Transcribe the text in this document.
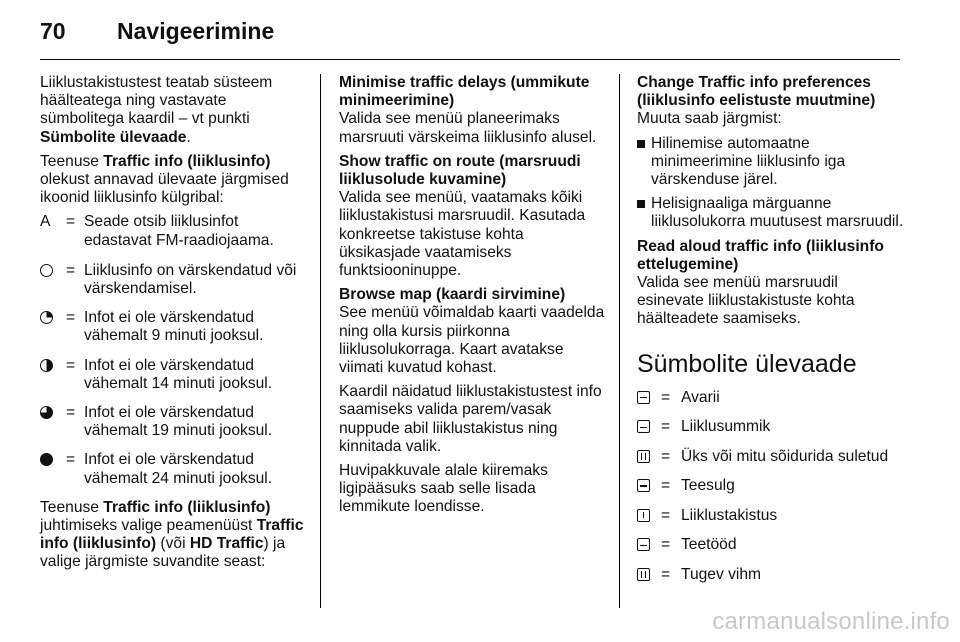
70	Navigeerimine

Liiklustakistustest teatab süsteem häälteatega ning vastavate sümbolitega kaardil – vt punkti Sümbolite ülevaade.

Teenuse Traffic info (liiklusinfo) olekust annavad ülevaate järgmised ikoonid liiklusinfo külgribal:

A = Seade otsib liiklusinfot edastavat FM-raadiojaama.
= Liiklusinfo on värskendatud või värskendamisel.
= Infot ei ole värskendatud vähemalt 9 minuti jooksul.
= Infot ei ole värskendatud vähemalt 14 minuti jooksul.
= Infot ei ole värskendatud vähemalt 19 minuti jooksul.
= Infot ei ole värskendatud vähemalt 24 minuti jooksul.

Teenuse Traffic info (liiklusinfo) juhtimiseks valige peamenüüst Traffic info (liiklusinfo) (või HD Traffic) ja valige järgmiste suvandite seast:

Minimise traffic delays (ummikute minimeerimine)
Valida see menüü planeerimaks marsruuti värskeima liiklusinfo alusel.

Show traffic on route (marsruudi liiklusolude kuvamine)
Valida see menüü, vaatamaks kõiki liiklustakistusi marsruudil. Kasutada konkreetse takistuse kohta üksikasjade vaatamiseks funktsiooninuppe.

Browse map (kaardi sirvimine)
See menüü võimaldab kaarti vaadelda ning olla kursis piirkonna liiklusolukorraga. Kaart avatakse viimati kuvatud kohast.

Kaardil näidatud liiklustakistustest info saamiseks valida parem/vasak nuppude abil liiklustakistus ning kinnitada valik.

Huvipakkuvale alale kiiremaks ligipääsuks saab selle lisada lemmikute loendisse.

Change Traffic info preferences (liiklusinfo eelistuste muutmine)
Muuta saab järgmist:

Hilinemise automaatne minimeerimine liiklusinfo iga värskenduse järel.
Helisignaaliga märguanne liiklusolukorra muutusest marsruudil.

Read aloud traffic info (liiklusinfo ettelugemine)
Valida see menüü marsruudil esinevate liiklustakistuste kohta häälteadete saamiseks.

Sümbolite ülevaade
= Avarii
= Liiklusummik
= Üks või mitu sõidurida suletud
= Teesulg
= Liiklustakistus
= Teetööd
= Tugev vihm
carmanualsonline.info
